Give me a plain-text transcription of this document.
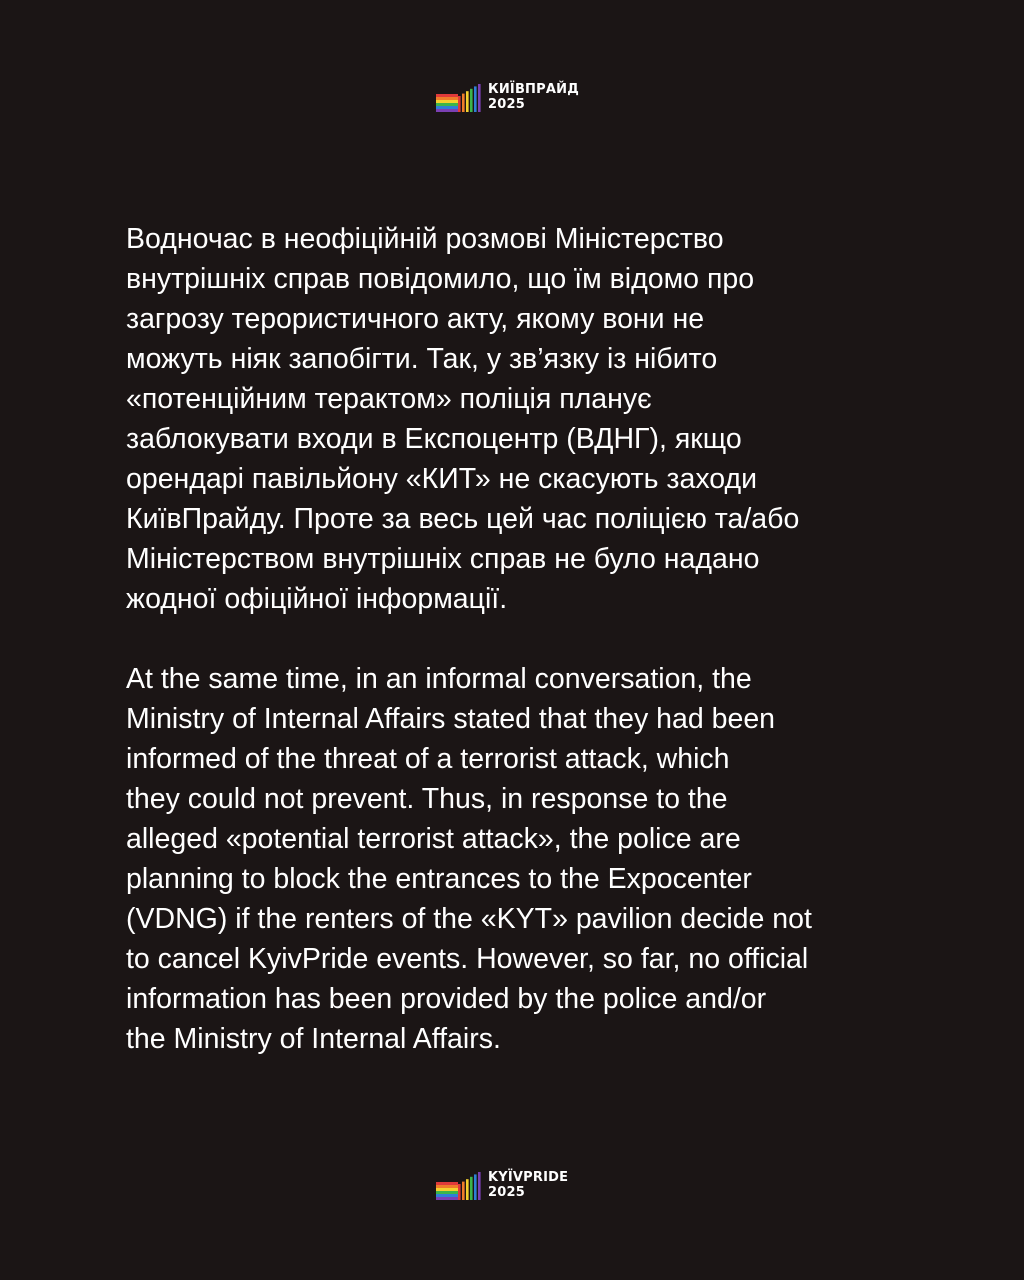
КИЇВПРАЙД
2025

Водночас в неофіційній розмові Міністерство
внутрішніх справ повідомило, що їм відомо про
загрозу терористичного акту, якому вони не
можуть ніяк запобігти. Так, у зв’язку із нібито
«потенційним терактом» поліція планує
заблокувати входи в Експоцентр (ВДНГ), якщо
орендарі павільйону «КИТ» не скасують заходи
КиївПрайду. Проте за весь цей час поліцією та/або
Міністерством внутрішніх справ не було надано
жодної офіційної інформації.

At the same time, in an informal conversation, the
Ministry of Internal Affairs stated that they had been
informed of the threat of a terrorist attack, which
they could not prevent. Thus, in response to the
alleged «potential terrorist attack», the police are
planning to block the entrances to the Expocenter
(VDNG) if the renters of the «KYT» pavilion decide not
to cancel KyivPride events. However, so far, no official
information has been provided by the police and/or
the Ministry of Internal Affairs.

KYЇVPRIDE
2025
